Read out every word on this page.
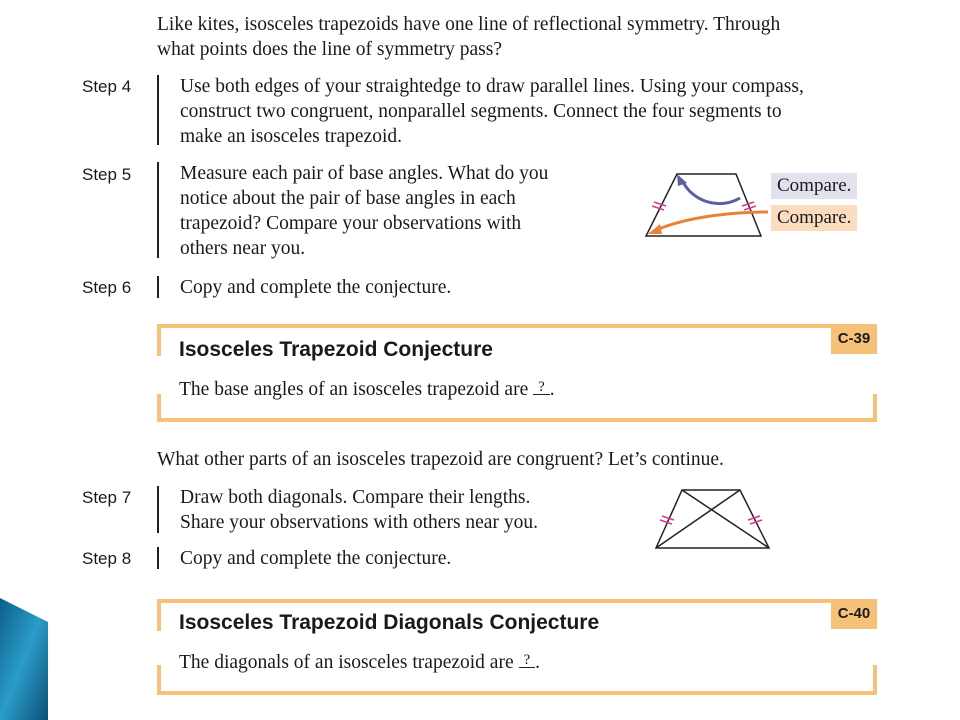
Like kites, isosceles trapezoids have one line of reflectional symmetry. Through
what points does the line of symmetry pass?
Step 4	Use both edges of your straightedge to draw parallel lines. Using your compass,
construct two congruent, nonparallel segments. Connect the four segments to
make an isosceles trapezoid.
Step 5	Measure each pair of base angles. What do you
notice about the pair of base angles in each
trapezoid? Compare your observations with
others near you.
Compare.
Compare.
Step 6	Copy and complete the conjecture.
C-39
Isosceles Trapezoid Conjecture
The base angles of an isosceles trapezoid are ? .
What other parts of an isosceles trapezoid are congruent? Let’s continue.
Step 7	Draw both diagonals. Compare their lengths.
Share your observations with others near you.
Step 8	Copy and complete the conjecture.
C-40
Isosceles Trapezoid Diagonals Conjecture
The diagonals of an isosceles trapezoid are ? .
